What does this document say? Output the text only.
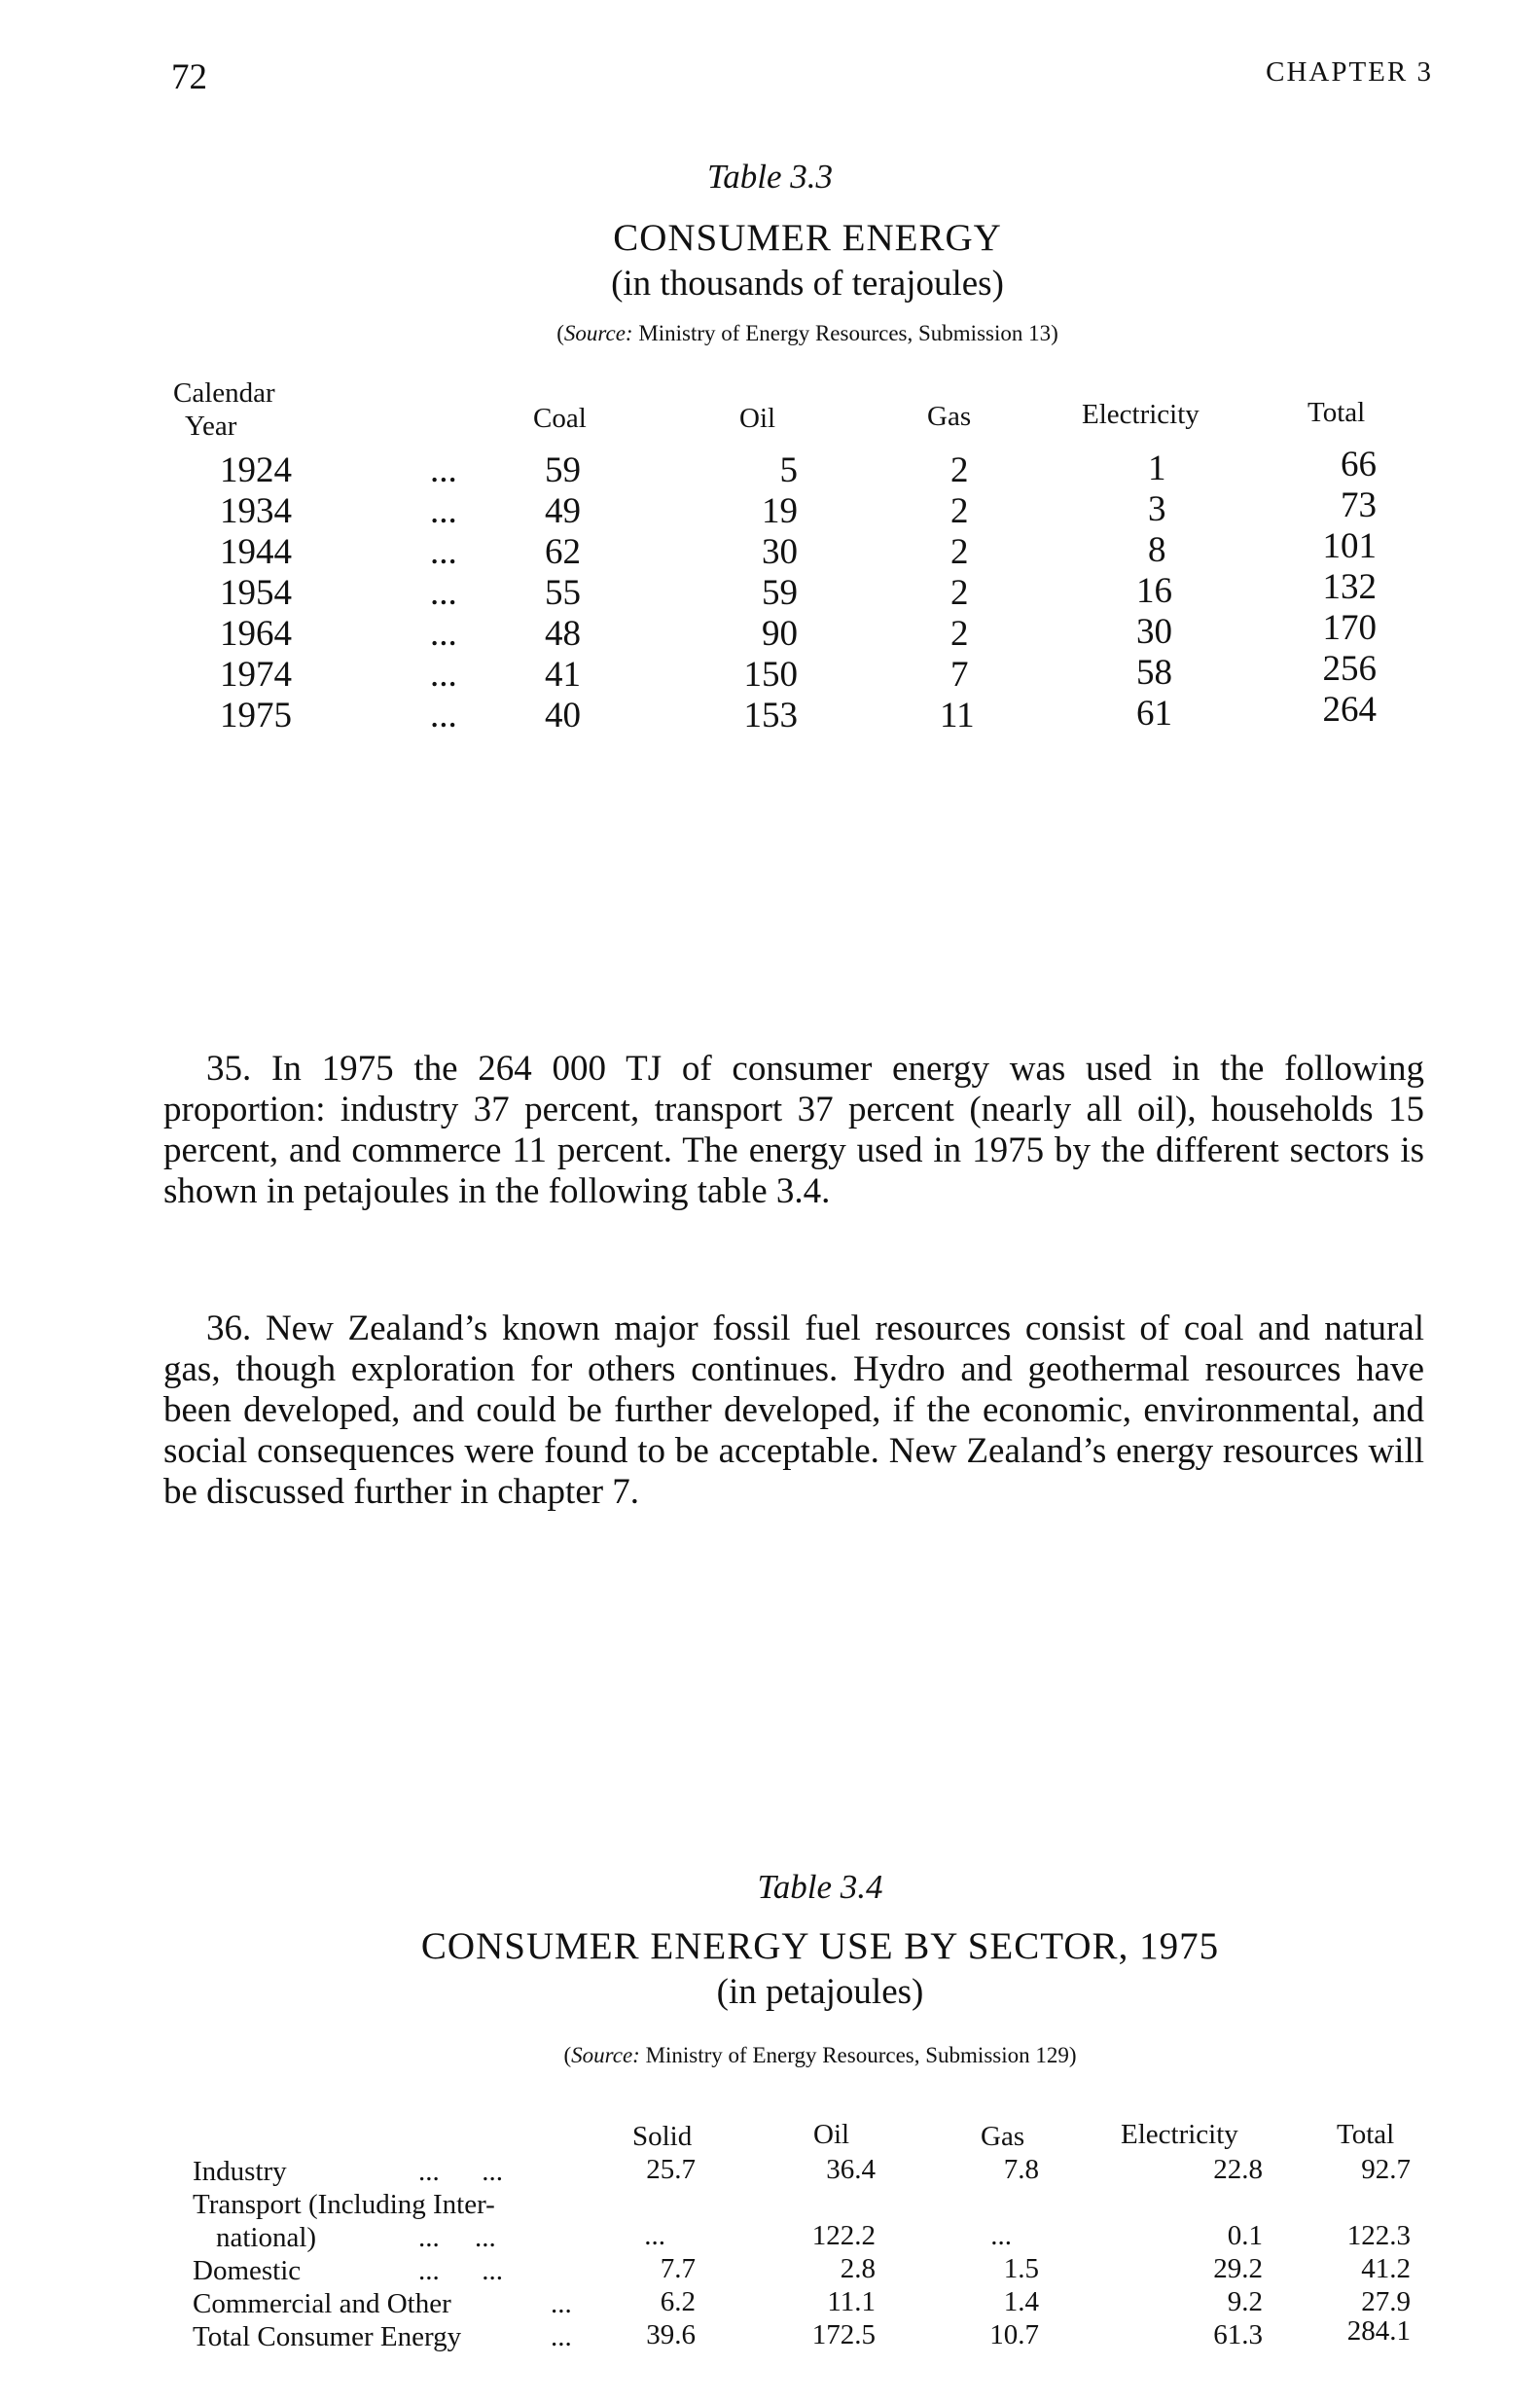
72	CHAPTER 3
Table 3.3
CONSUMER ENERGY
(in thousands of terajoules)
(Source: Ministry of Energy Resources, Submission 13)
Calendar
Year	Coal	Oil	Gas	Electricity	Total
1924	... 59	5	2	1	66
1934	... 49	19	2	3	73
1944	... 62	30	2	8	101
1954	... 55	59	2	16	132
1964	... 48	90	2	30	170
1974	... 41	150	7	58	256
1975	... 40	153	11	61	264

35. In 1975 the 264 000 TJ of consumer energy was used in the following proportion: industry 37 percent, transport 37 percent (nearly all oil), households 15 percent, and commerce 11 percent. The energy used in 1975 by the different sectors is shown in petajoules in the following table 3.4.

36. New Zealand’s known major fossil fuel resources consist of coal and natural gas, though exploration for others continues. Hydro and geothermal resources have been developed, and could be further developed, if the economic, environmental, and social consequences were found to be acceptable. New Zealand’s energy resources will be discussed further in chapter 7.

Table 3.4
CONSUMER ENERGY USE BY SECTOR, 1975
(in petajoules)
(Source: Ministry of Energy Resources, Submission 129)
Solid	Oil	Gas	Electricity	Total
Industry	...      ...	25.7	36.4	7.8	22.8	92.7
Transport (Including Inter-
national)	...     ...	...	122.2	...	0.1	122.3
Domestic	...      ...	7.7	2.8	1.5	29.2	41.2
Commercial and Other	...	6.2	11.1	1.4	9.2	27.9
Total Consumer Energy	...	39.6	172.5	10.7	61.3	284.1
